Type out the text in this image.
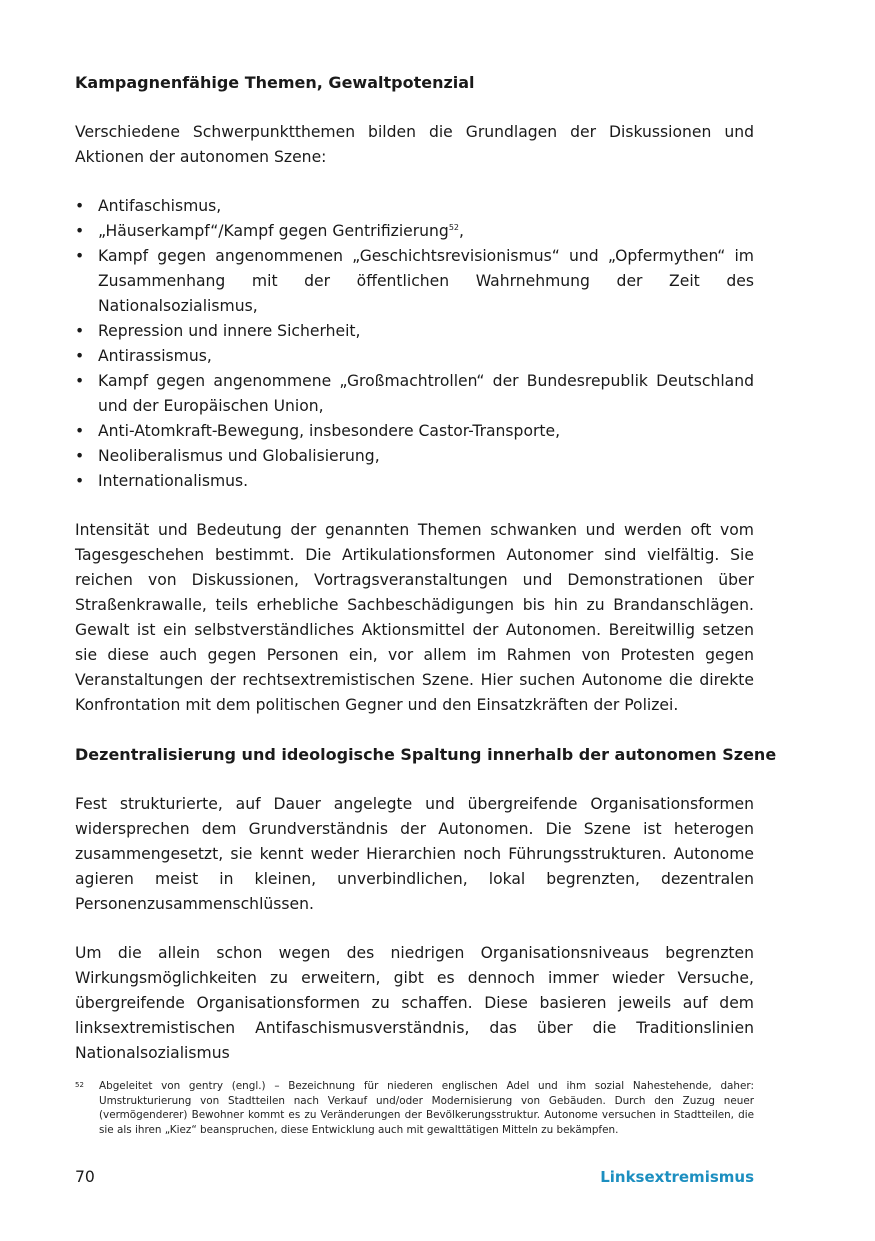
Kampagnenfähige Themen, Gewaltpotenzial

Verschiedene Schwerpunktthemen bilden die Grundlagen der Diskussionen und Aktionen der autonomen Szene:

• Antifaschismus,
• „Häuserkampf“/Kampf gegen Gentrifizierung$^{52}$,
• Kampf gegen angenommenen „Geschichtsrevisionismus“ und „Opfermythen“ im Zusammenhang mit der öffentlichen Wahrnehmung der Zeit des Nationalsozialismus,
• Repression und innere Sicherheit,
• Antirassismus,
• Kampf gegen angenommene „Großmachtrollen“ der Bundesrepublik Deutschland und der Europäischen Union,
• Anti-Atomkraft-Bewegung, insbesondere Castor-Transporte,
• Neoliberalismus und Globalisierung,
• Internationalismus.

Intensität und Bedeutung der genannten Themen schwanken und werden oft vom Tagesgeschehen bestimmt. Die Artikulationsformen Autonomer sind vielfältig. Sie reichen von Diskussionen, Vortragsveranstaltungen und Demonstrationen über Straßenkrawalle, teils erhebliche Sachbeschädigungen bis hin zu Brandanschlägen. Gewalt ist ein selbstverständliches Aktionsmittel der Autonomen. Bereitwillig setzen sie diese auch gegen Personen ein, vor allem im Rahmen von Protesten gegen Veranstaltungen der rechtsextremistischen Szene. Hier suchen Autonome die direkte Konfrontation mit dem politischen Gegner und den Einsatzkräften der Polizei.

Dezentralisierung und ideologische Spaltung innerhalb der autonomen Szene

Fest strukturierte, auf Dauer angelegte und übergreifende Organisationsformen widersprechen dem Grundverständnis der Autonomen. Die Szene ist heterogen zusammengesetzt, sie kennt weder Hierarchien noch Führungsstrukturen. Autonome agieren meist in kleinen, unverbindlichen, lokal begrenzten, dezentralen Personenzusammenschlüssen.

Um die allein schon wegen des niedrigen Organisationsniveaus begrenzten Wirkungsmöglichkeiten zu erweitern, gibt es dennoch immer wieder Versuche, übergreifende Organisationsformen zu schaffen. Diese basieren jeweils auf dem linksextremistischen Antifaschismusverständnis, das über die Traditionslinien Nationalsozialismus

52	Abgeleitet von gentry (engl.) – Bezeichnung für niederen englischen Adel und ihm sozial Nahestehende, daher: Umstrukturierung von Stadtteilen nach Verkauf und/oder Modernisierung von Gebäuden. Durch den Zuzug neuer (vermögenderer) Bewohner kommt es zu Veränderungen der Bevölkerungsstruktur. Autonome versuchen in Stadtteilen, die sie als ihren „Kiez“ beanspruchen, diese Entwicklung auch mit gewalttätigen Mitteln zu bekämpfen.
70	Linksextremismus
